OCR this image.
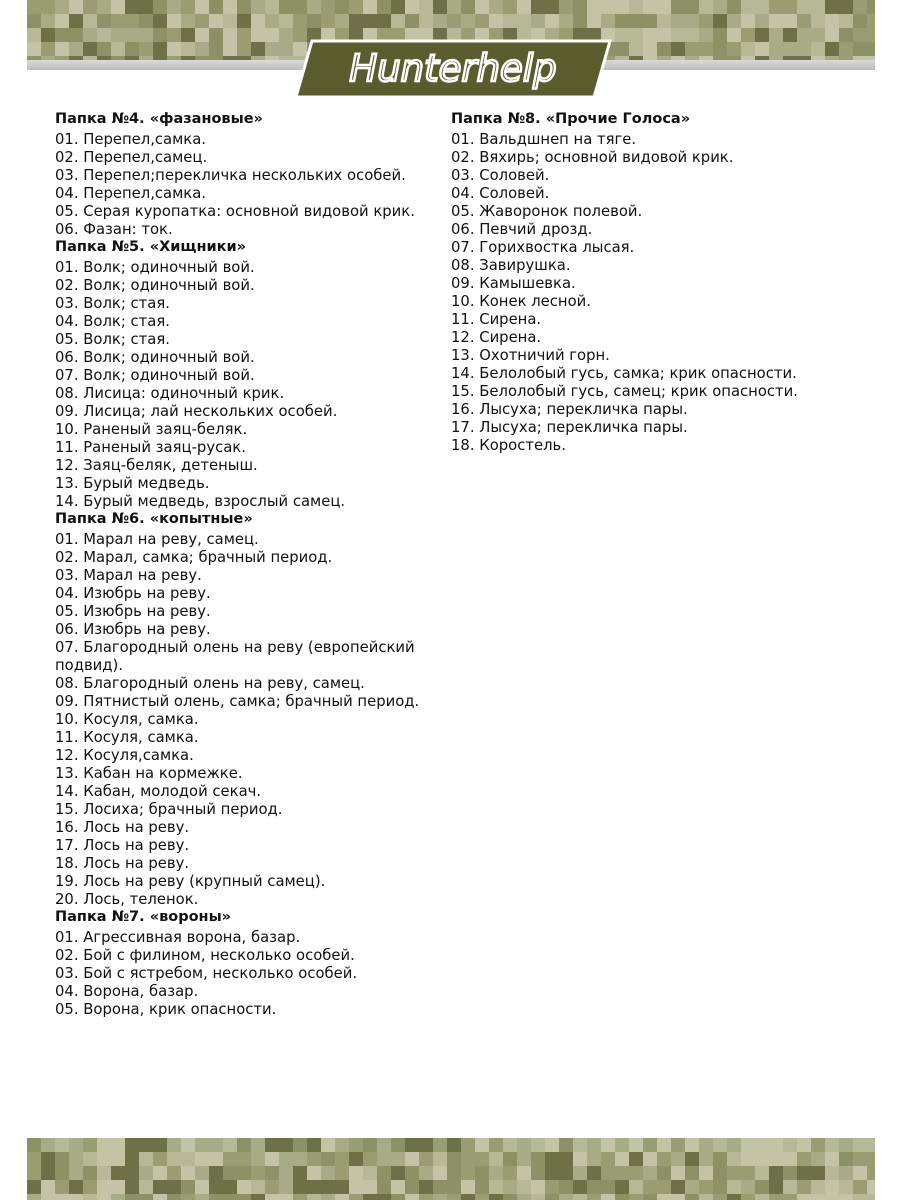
Hunterhelp
Папка №4. «фазановые»
01. Перепел,самка.
02. Перепел,самец.
03. Перепел;перекличка нескольких особей.
04. Перепел,самка.
05. Серая куропатка: основной видовой крик.
06. Фазан: ток.
Папка №5. «Хищники»
01. Волк; одиночный вой.
02. Волк; одиночный вой.
03. Волк; стая.
04. Волк; стая.
05. Волк; стая.
06. Волк; одиночный вой.
07. Волк; одиночный вой.
08. Лисица: одиночный крик.
09. Лисица; лай нескольких особей.
10. Раненый заяц-беляк.
11. Раненый заяц-русак.
12. Заяц-беляк, детеныш.
13. Бурый медведь.
14. Бурый медведь, взрослый самец.
Папка №6. «копытные»
01. Марал на реву, самец.
02. Марал, самка; брачный период.
03. Марал на реву.
04. Изюбрь на реву.
05. Изюбрь на реву.
06. Изюбрь на реву.
07. Благородный олень на реву (европейский подвид).
08. Благородный олень на реву, самец.
09. Пятнистый олень, самка; брачный период.
10. Косуля, самка.
11. Косуля, самка.
12. Косуля,самка.
13. Кабан на кормежке.
14. Кабан, молодой секач.
15. Лосиха; брачный период.
16. Лось на реву.
17. Лось на реву.
18. Лось на реву.
19. Лось на реву (крупный самец).
20. Лось, теленок.
Папка №7. «вороны»
01. Агрессивная ворона, базар.
02. Бой с филином, несколько особей.
03. Бой с ястребом, несколько особей.
04. Ворона, базар.
05. Ворона, крик опасности.
Папка №8. «Прочие Голоса»
01. Вальдшнеп на тяге.
02. Вяхирь; основной видовой крик.
03. Соловей.
04. Соловей.
05. Жаворонок полевой.
06. Певчий дрозд.
07. Горихвостка лысая.
08. Завирушка.
09. Камышевка.
10. Конек лесной.
11. Сирена.
12. Сирена.
13. Охотничий горн.
14. Белолобый гусь, самка; крик опасности.
15. Белолобый гусь, самец; крик опасности.
16. Лысуха; перекличка пары.
17. Лысуха; перекличка пары.
18. Коростель.
